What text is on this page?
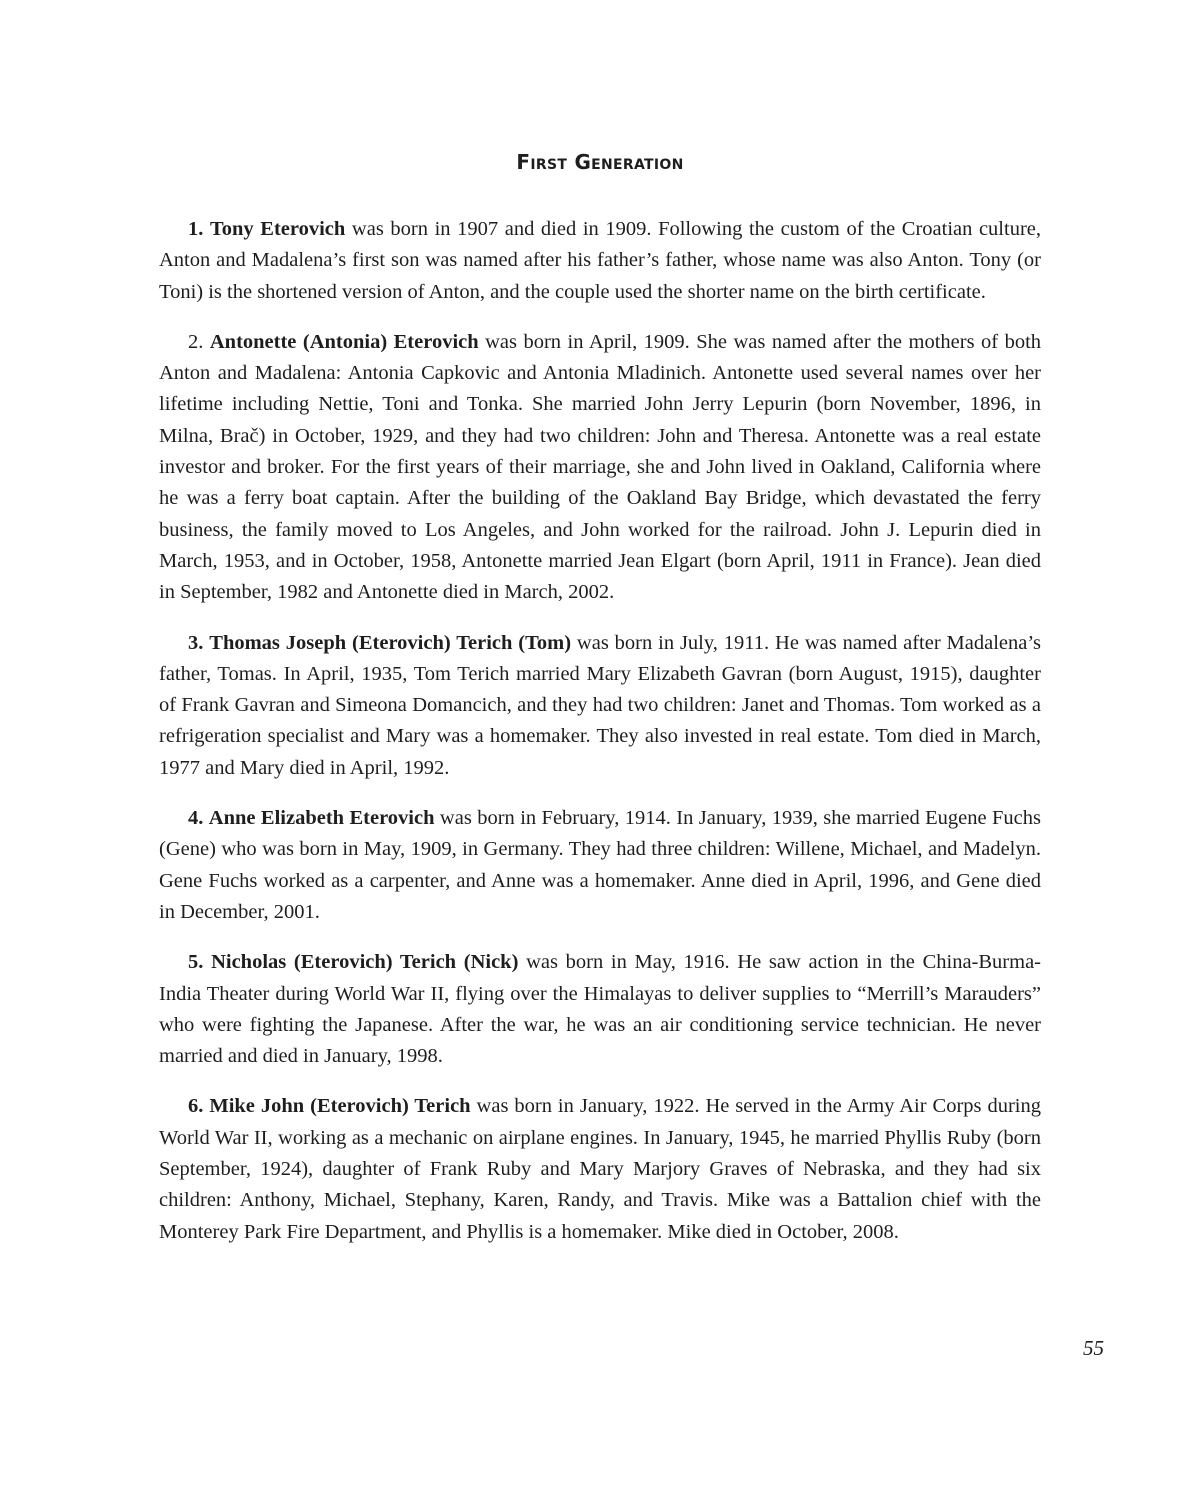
First Generation

1. Tony Eterovich was born in 1907 and died in 1909. Following the custom of the Croatian culture, Anton and Madalena’s first son was named after his father’s father, whose name was also Anton. Tony (or Toni) is the shortened version of Anton, and the couple used the shorter name on the birth certificate.

2. Antonette (Antonia) Eterovich was born in April, 1909. She was named after the mothers of both Anton and Madalena: Antonia Capkovic and Antonia Mladinich. Antonette used several names over her lifetime including Nettie, Toni and Tonka. She married John Jerry Lepurin (born November, 1896, in Milna, Brač) in October, 1929, and they had two children: John and Theresa. Antonette was a real estate investor and broker. For the first years of their marriage, she and John lived in Oakland, California where he was a ferry boat captain. After the building of the Oakland Bay Bridge, which devastated the ferry business, the family moved to Los Angeles, and John worked for the railroad. John J. Lepurin died in March, 1953, and in October, 1958, Antonette married Jean Elgart (born April, 1911 in France). Jean died in September, 1982 and Antonette died in March, 2002.

3. Thomas Joseph (Eterovich) Terich (Tom) was born in July, 1911. He was named after Madalena’s father, Tomas. In April, 1935, Tom Terich married Mary Elizabeth Gavran (born August, 1915), daughter of Frank Gavran and Simeona Domancich, and they had two children: Janet and Thomas. Tom worked as a refrigeration specialist and Mary was a homemaker. They also invested in real estate. Tom died in March, 1977 and Mary died in April, 1992.

4. Anne Elizabeth Eterovich was born in February, 1914. In January, 1939, she married Eugene Fuchs (Gene) who was born in May, 1909, in Germany. They had three children: Willene, Michael, and Madelyn. Gene Fuchs worked as a carpenter, and Anne was a homemaker. Anne died in April, 1996, and Gene died in December, 2001.

5. Nicholas (Eterovich) Terich (Nick) was born in May, 1916. He saw action in the China-Burma-India Theater during World War II, flying over the Himalayas to deliver supplies to “Merrill’s Marauders” who were fighting the Japanese. After the war, he was an air conditioning service technician. He never married and died in January, 1998.

6. Mike John (Eterovich) Terich was born in January, 1922. He served in the Army Air Corps during World War II, working as a mechanic on airplane engines. In January, 1945, he married Phyllis Ruby (born September, 1924), daughter of Frank Ruby and Mary Marjory Graves of Nebraska, and they had six children: Anthony, Michael, Stephany, Karen, Randy, and Travis. Mike was a Battalion chief with the Monterey Park Fire Department, and Phyllis is a homemaker. Mike died in October, 2008.

55
